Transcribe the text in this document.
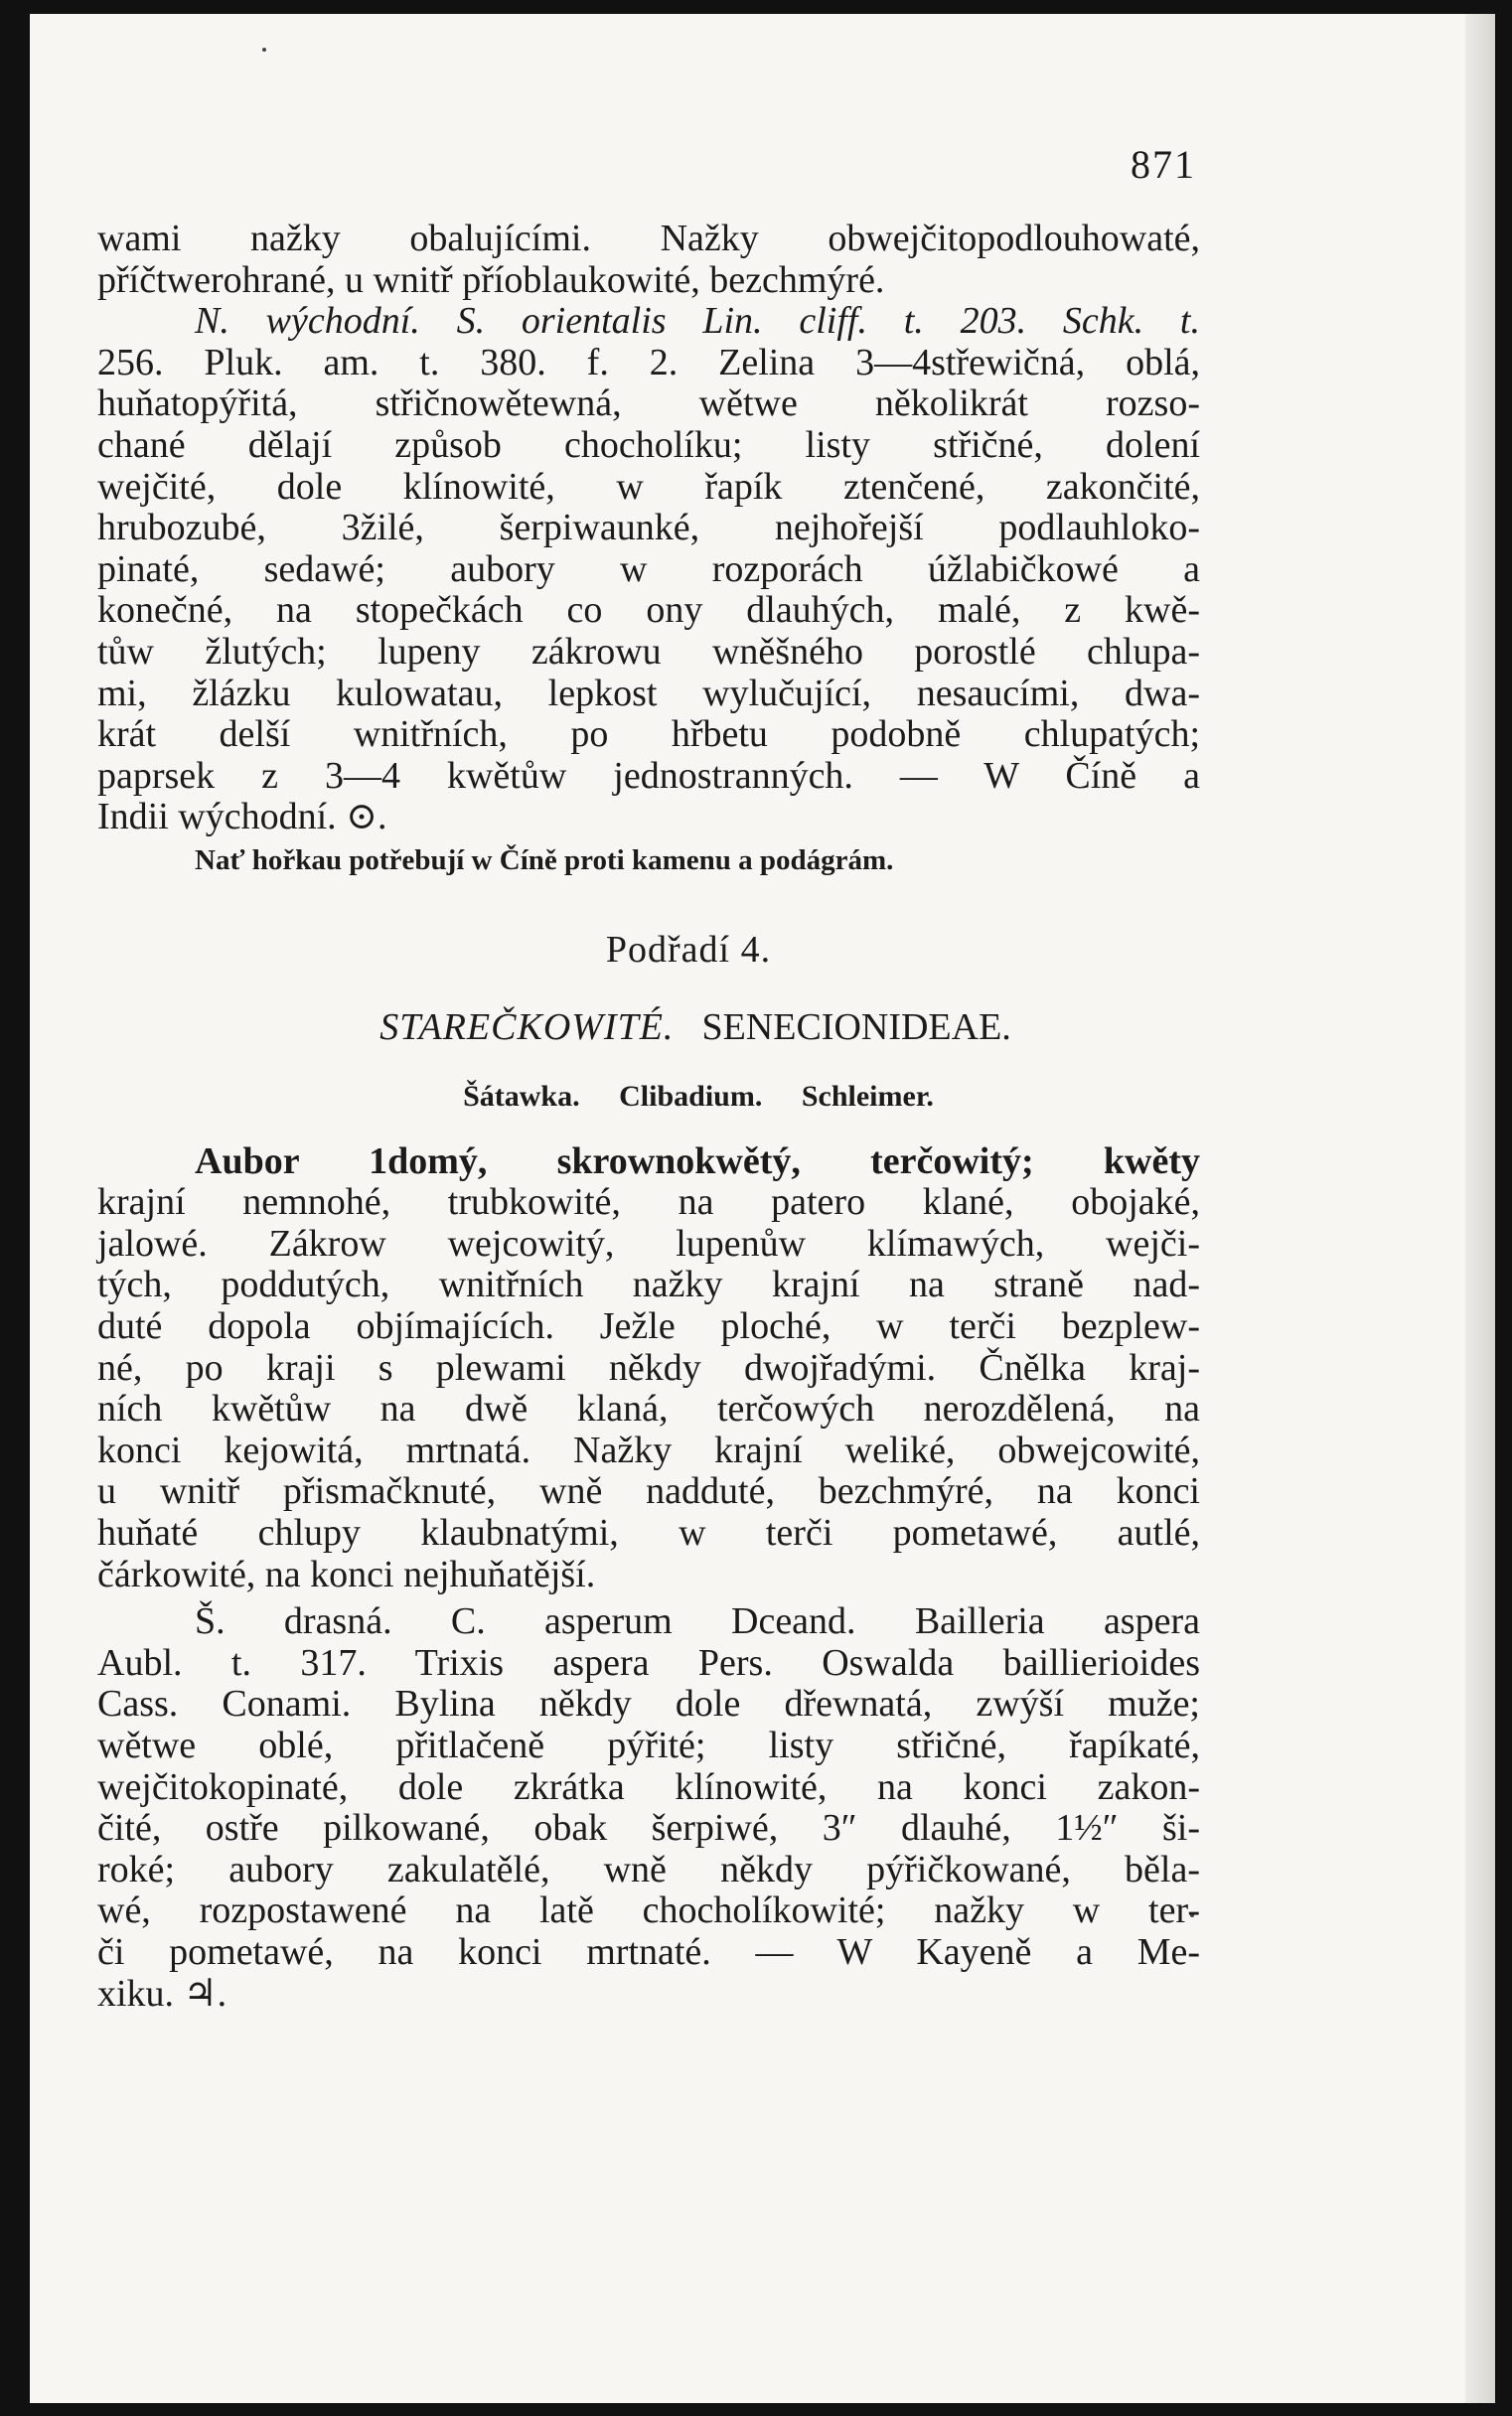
871
wami nažky obalujícími. Nažky obwejčitopodlouhowaté,
příčtwerohrané, u wnitř příoblaukowité, bezchmýré.
N. wýchodní. S. orientalis Lin. cliff. t. 203. Schk. t.
256. Pluk. am. t. 380. f. 2. Zelina 3—4střewičná, oblá,
huňatopýřitá, střičnowětewná, wětwe několikrát rozso-
chané dělají způsob chocholíku; listy střičné, dolení
wejčité, dole klínowité, w řapík ztenčené, zakončité,
hrubozubé, 3žilé, šerpiwaunké, nejhořejší podlauhloko-
pinaté, sedawé; aubory w rozporách úžlabičkowé a
konečné, na stopečkách co ony dlauhých, malé, z kwě-
tůw žlutých; lupeny zákrowu wněšného porostlé chlupa-
mi, žlázku kulowatau, lepkost wylučující, nesaucími, dwa-
krát delší wnitřních, po hřbetu podobně chlupatých;
paprsek z 3—4 kwětůw jednostranných. — W Číně a
Indii wýchodní. ⊙.
Nať hořkau potřebují w Číně proti kamenu a podágrám.
Podřadí 4.
STAREČKOWITÉ. SENECIONIDEAE.
Šátawka. Clibadium. Schleimer.
Aubor 1domý, skrownokwětý, terčowitý; kwěty
krajní nemnohé, trubkowité, na patero klané, obojaké,
jalowé. Zákrow wejcowitý, lupenůw klímawých, wejči-
tých, poddutých, wnitřních nažky krajní na straně nad-
duté dopola objímajících. Ježle ploché, w terči bezplew-
né, po kraji s plewami někdy dwojřadými. Čnělka kraj-
ních kwětůw na dwě klaná, terčowých nerozdělená, na
konci kejowitá, mrtnatá. Nažky krajní weliké, obwejcowité,
u wnitř přismačknuté, wně nadduté, bezchmýré, na konci
huňaté chlupy klaubnatými, w terči pometawé, autlé,
čárkowité, na konci nejhuňatější.
Š. drasná. C. asperum Dceand. Bailleria aspera
Aubl. t. 317. Trixis aspera Pers. Oswalda baillierioides
Cass. Conami. Bylina někdy dole dřewnatá, zwýší muže;
wětwe oblé, přitlačeně pýřité; listy střičné, řapíkaté,
wejčitokopinaté, dole zkrátka klínowité, na konci zakon-
čité, ostře pilkowané, obak šerpiwé, 3″ dlauhé, 1½″ ši-
roké; aubory zakulatělé, wně někdy pýřičkowané, běla-
wé, rozpostawené na latě chocholíkowité; nažky w ter-
či pometawé, na konci mrtnaté. — W Kayeně a Me-
xiku. ♃.
